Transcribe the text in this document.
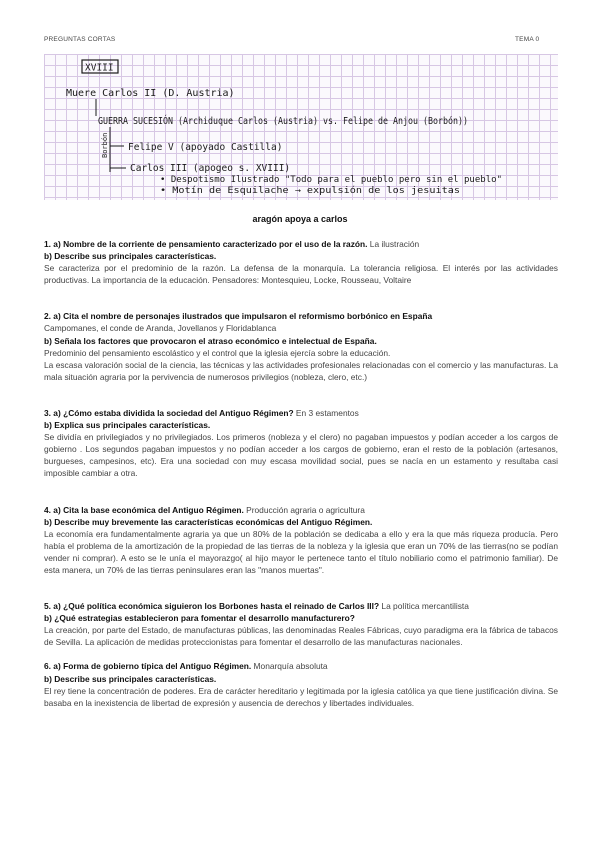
PREGUNTAS CORTAS	TEMA 0
XVIII
Muere Carlos II (D. Austria)
GUERRA SUCESIÓN (Archiduque Carlos (Austria) vs. Felipe de Anjou (Borbón))
Felipe V (apoyado Castilla)
Borbón
Carlos III (apogeo s. XVIII)
• Despotismo Ilustrado "Todo para el pueblo pero sin el pueblo"
• Motín de Esquilache → expulsión de los jesuitas
aragón apoya a carlos

1. a) Nombre de la corriente de pensamiento caracterizado por el uso de la razón. La ilustración

b) Describe sus principales características.

Se caracteriza por el predominio de la razón. La defensa de la monarquía. La tolerancia religiosa. El interés por las actividades productivas. La importancia de la educación. Pensadores: Montesquieu, Locke, Rousseau, Voltaire

2. a) Cita el nombre de personajes ilustrados que impulsaron el reformismo borbónico en España

Campomanes, el conde de Aranda, Jovellanos y Floridablanca

b) Señala los factores que provocaron el atraso económico e intelectual de España.

Predominio del pensamiento escolástico y el control que la iglesia ejercía sobre la educación.

La escasa valoración social de la ciencia, las técnicas y las actividades profesionales relacionadas con el comercio y las manufacturas. La mala situación agraria por la pervivencia de numerosos privilegios (nobleza, clero, etc.)

3. a) ¿Cómo estaba dividida la sociedad del Antiguo Régimen? En 3 estamentos

b) Explica sus principales características.

Se dividía en privilegiados y no privilegiados. Los primeros (nobleza y el clero) no pagaban impuestos y podían acceder a los cargos de gobierno . Los segundos pagaban impuestos y no podían acceder a los cargos de gobierno, eran el resto de la población (artesanos, burgueses, campesinos, etc). Era una sociedad con muy escasa movilidad social, pues se nacía en un estamento y resultaba casi imposible cambiar a otra.

4. a) Cita la base económica del Antiguo Régimen. Producción agraria o agricultura

b) Describe muy brevemente las características económicas del Antiguo Régimen.

La economía era fundamentalmente agraria ya que un 80% de la población se dedicaba a ello y era la que más riqueza producía. Pero había el problema de la amortización de la propiedad de las tierras de la nobleza y la iglesia que eran un 70% de las tierras(no se podían vender ni comprar). A esto se le unía el mayorazgo( al hijo mayor le pertenece tanto el título nobiliario como el patrimonio familiar). De esta manera, un 70% de las tierras peninsulares eran las "manos muertas".

5. a) ¿Qué política económica siguieron los Borbones hasta el reinado de Carlos III? La política mercantilista

b) ¿Qué estrategias establecieron para fomentar el desarrollo manufacturero?

La creación, por parte del Estado, de manufacturas públicas, las denominadas Reales Fábricas, cuyo paradigma era la fábrica de tabacos de Sevilla. La aplicación de medidas proteccionistas para fomentar el desarrollo de las manufacturas nacionales.

6. a) Forma de gobierno típica del Antiguo Régimen. Monarquía absoluta

b) Describe sus principales características.

El rey tiene la concentración de poderes. Era de carácter hereditario y legitimada por la iglesia católica ya que tiene justificación divina. Se basaba en la inexistencia de libertad de expresión y ausencia de derechos y libertades individuales.
